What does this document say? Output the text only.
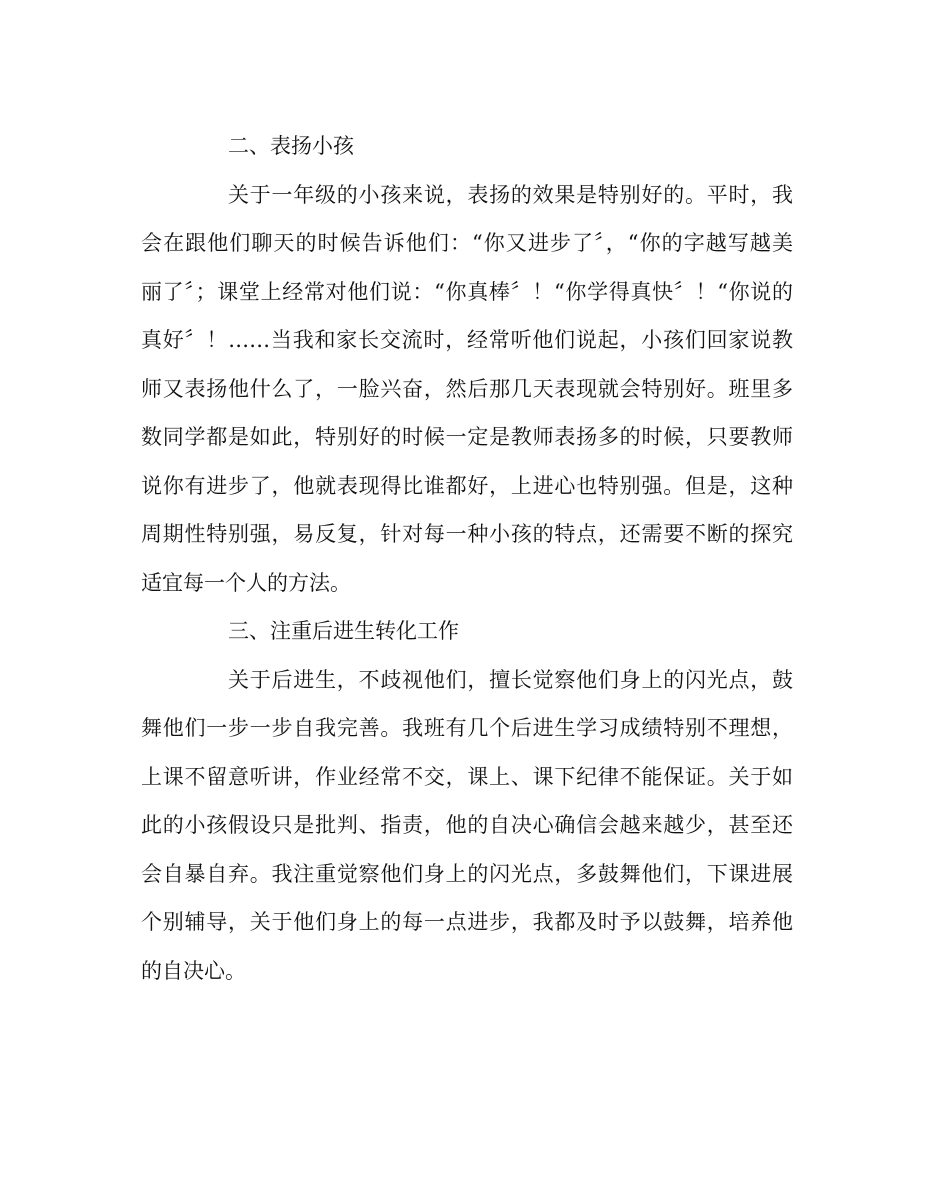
二、表扬小孩
关于一年级的小孩来说，表扬的效果是特别好的。平时，我
会在跟他们聊天的时候告诉他们：“你又进步了〞，“你的字越写越美
丽了〞；课堂上经常对他们说：“你真棒〞！“你学得真快〞！“你说的
真好〞！……当我和家长交流时，经常听他们说起，小孩们回家说教
师又表扬他什么了，一脸兴奋，然后那几天表现就会特别好。班里多
数同学都是如此，特别好的时候一定是教师表扬多的时候，只要教师
说你有进步了，他就表现得比谁都好，上进心也特别强。但是，这种
周期性特别强，易反复，针对每一种小孩的特点，还需要不断的探究
适宜每一个人的方法。
三、注重后进生转化工作
关于后进生，不歧视他们，擅长觉察他们身上的闪光点，鼓
舞他们一步一步自我完善。我班有几个后进生学习成绩特别不理想，
上课不留意听讲，作业经常不交，课上、课下纪律不能保证。关于如
此的小孩假设只是批判、指责，他的自决心确信会越来越少，甚至还
会自暴自弃。我注重觉察他们身上的闪光点，多鼓舞他们，下课进展
个别辅导，关于他们身上的每一点进步，我都及时予以鼓舞，培养他
的自决心。
